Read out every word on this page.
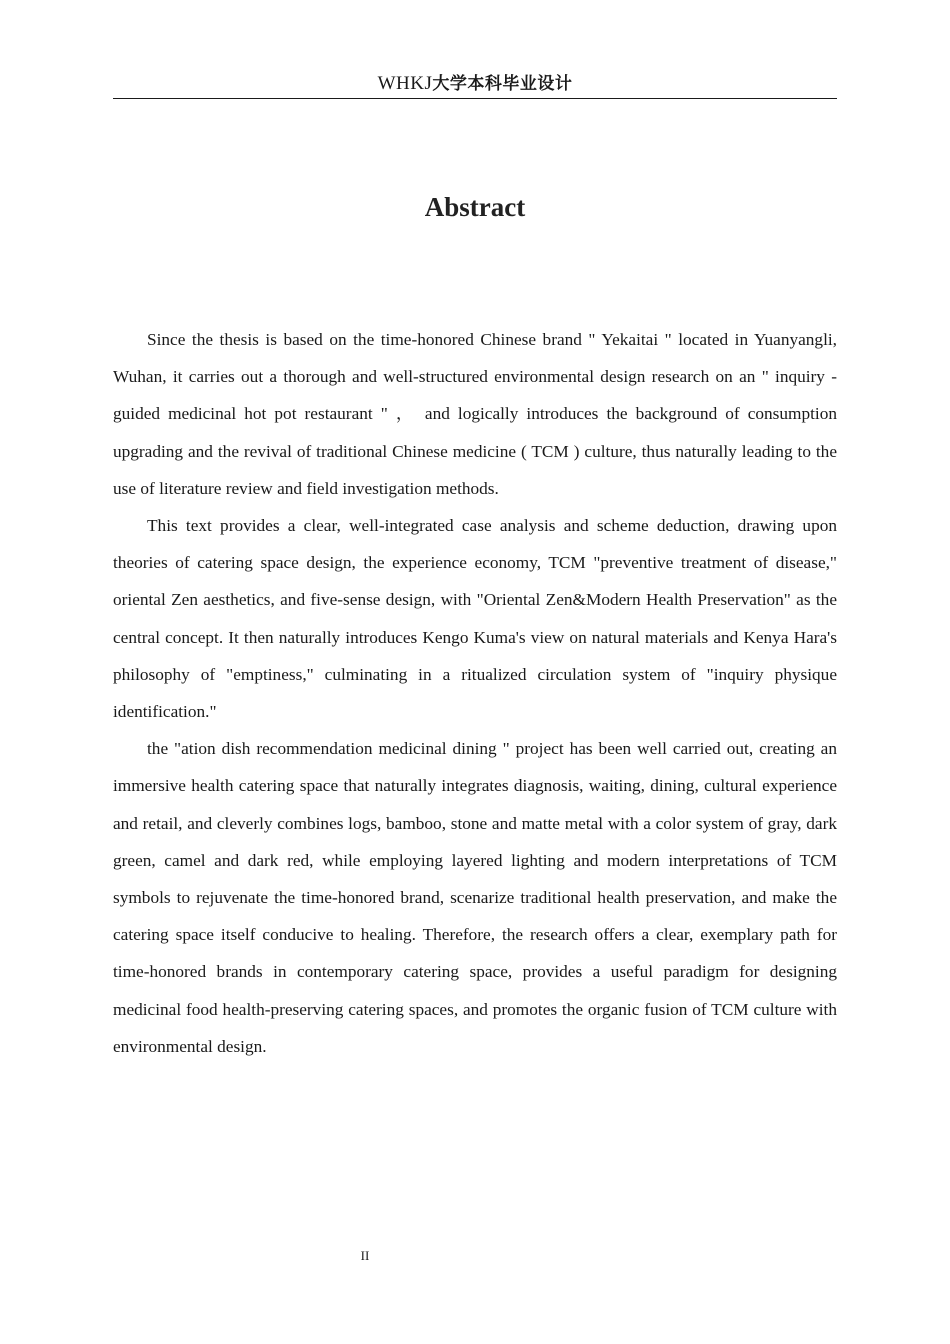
WHKJ大学本科毕业设计
Abstract

Since the thesis is based on the time-honored Chinese brand " Yekaitai " located in Yuanyangli, Wuhan, it carries out a thorough and well-structured environmental design research on an " inquiry - guided medicinal hot pot restaurant " ， and logically introduces the background of consumption upgrading and the revival of traditional Chinese medicine ( TCM ) culture, thus naturally leading to the use of literature review and field investigation methods.

This text provides a clear, well-integrated case analysis and scheme deduction, drawing upon theories of catering space design, the experience economy, TCM "preventive treatment of disease," oriental Zen aesthetics, and five-sense design, with "Oriental Zen&Modern Health Preservation" as the central concept. It then naturally introduces Kengo Kuma's view on natural materials and Kenya Hara's philosophy of "emptiness," culminating in a ritualized circulation system of "inquiry physique identification."

the "ation dish recommendation medicinal dining " project has been well carried out, creating an immersive health catering space that naturally integrates diagnosis, waiting, dining, cultural experience and retail, and cleverly combines logs, bamboo, stone and matte metal with a color system of gray, dark green, camel and dark red, while employing layered lighting and modern interpretations of TCM symbols to rejuvenate the time-honored brand, scenarize traditional health preservation, and make the catering space itself conducive to healing. Therefore, the research offers a clear, exemplary path for time-honored brands in contemporary catering space, provides a useful paradigm for designing medicinal food health-preserving catering spaces, and promotes the organic fusion of TCM culture with environmental design.

II
